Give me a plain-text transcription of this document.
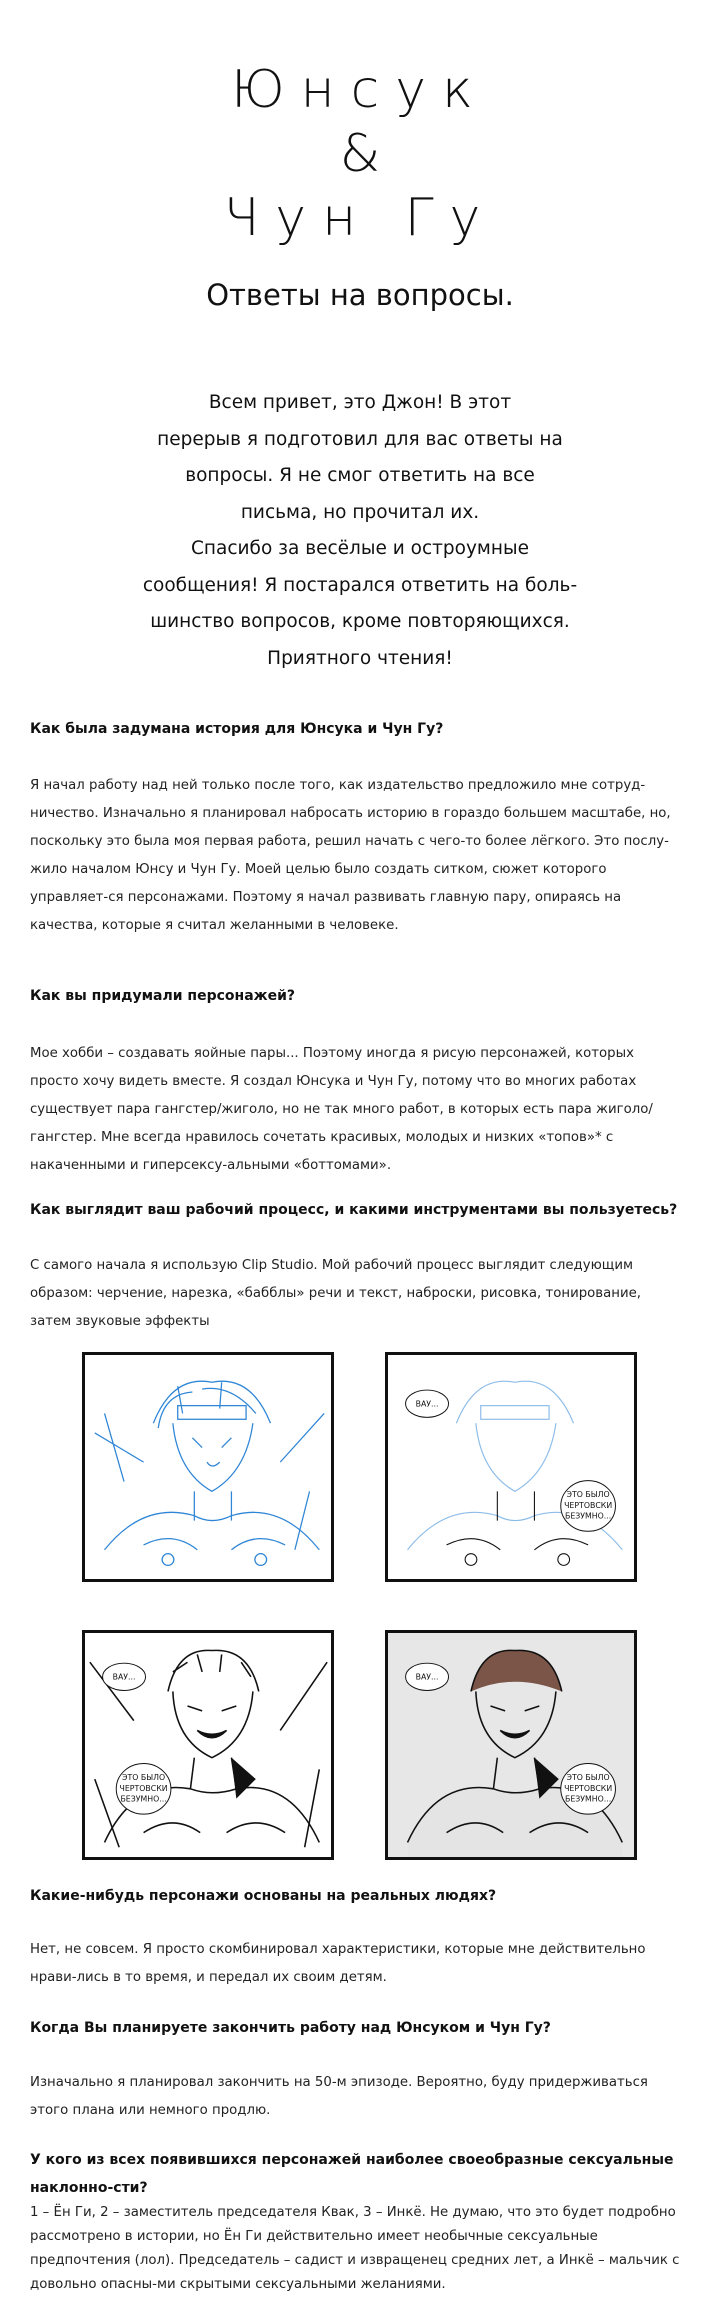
Юнсук
&
Чун Гу
Ответы на вопросы.

Всем привет, это Джон! В этот

перерыв я подготовил для вас ответы на

вопросы. Я не смог ответить на все

письма, но прочитал их.

Спасибо за весёлые и остроумные

сообщения! Я постарался ответить на боль-

шинство вопросов, кроме повторяющихся.

Приятного чтения!

Как была задумана история для Юнсука и Чун Гу?
Я начал работу над ней только после того, как издательство предложило мне сотруд-ничество. Изначально я планировал набросать историю в гораздо большем масштабе, но, поскольку это была моя первая работа, решил начать с чего-то более лёгкого. Это послу-жило началом Юнсу и Чун Гу. Моей целью было создать ситком, сюжет которого управляет-ся персонажами. Поэтому я начал развивать главную пару, опираясь на качества, которые я считал желанными в человеке.
Как вы придумали персонажей?
Мое хобби – создавать яойные пары... Поэтому иногда я рисую персонажей, которых просто хочу видеть вместе. Я создал Юнсука и Чун Гу, потому что во многих работах существует пара гангстер/жиголо, но не так много работ, в которых есть пара жиголо/гангстер. Мне всегда нравилось сочетать красивых, молодых и низких «топов»* с накаченными и гиперсексу-альными «боттомами».
Как выглядит ваш рабочий процесс, и какими инструментами вы пользуетесь?
С самого начала я использую Clip Studio. Мой рабочий процесс выглядит следующим образом: черчение, нарезка, «бабблы» речи и текст, наброски, рисовка, тонирование, затем звуковые эффекты
ВАУ...
ЭТО БЫЛО
ЧЕРТОВСКИ
БЕЗУМНО...
ВАУ...
ЭТО БЫЛО
ЧЕРТОВСКИ
БЕЗУМНО...
ВАУ...
ЭТО БЫЛО
ЧЕРТОВСКИ
БЕЗУМНО...
Какие-нибудь персонажи основаны на реальных людях?
Нет, не совсем. Я просто скомбинировал характеристики, которые мне действительно нрави-лись в то время, и передал их своим детям.
Когда Вы планируете закончить работу над Юнсуком и Чун Гу?
Изначально я планировал закончить на 50-м эпизоде. Вероятно, буду придерживаться этого плана или немного продлю.
У кого из всех появившихся персонажей наиболее своеобразные сексуальные наклонно-сти?
1 – Ён Ги, 2 – заместитель председателя Квак, 3 – Инкё. Не думаю, что это будет подробно рассмотрено в истории, но Ён Ги действительно имеет необычные сексуальные предпочтения (лол). Председатель – садист и извращенец средних лет, а Инкё – мальчик с довольно опасны-ми скрытыми сексуальными желаниями.
